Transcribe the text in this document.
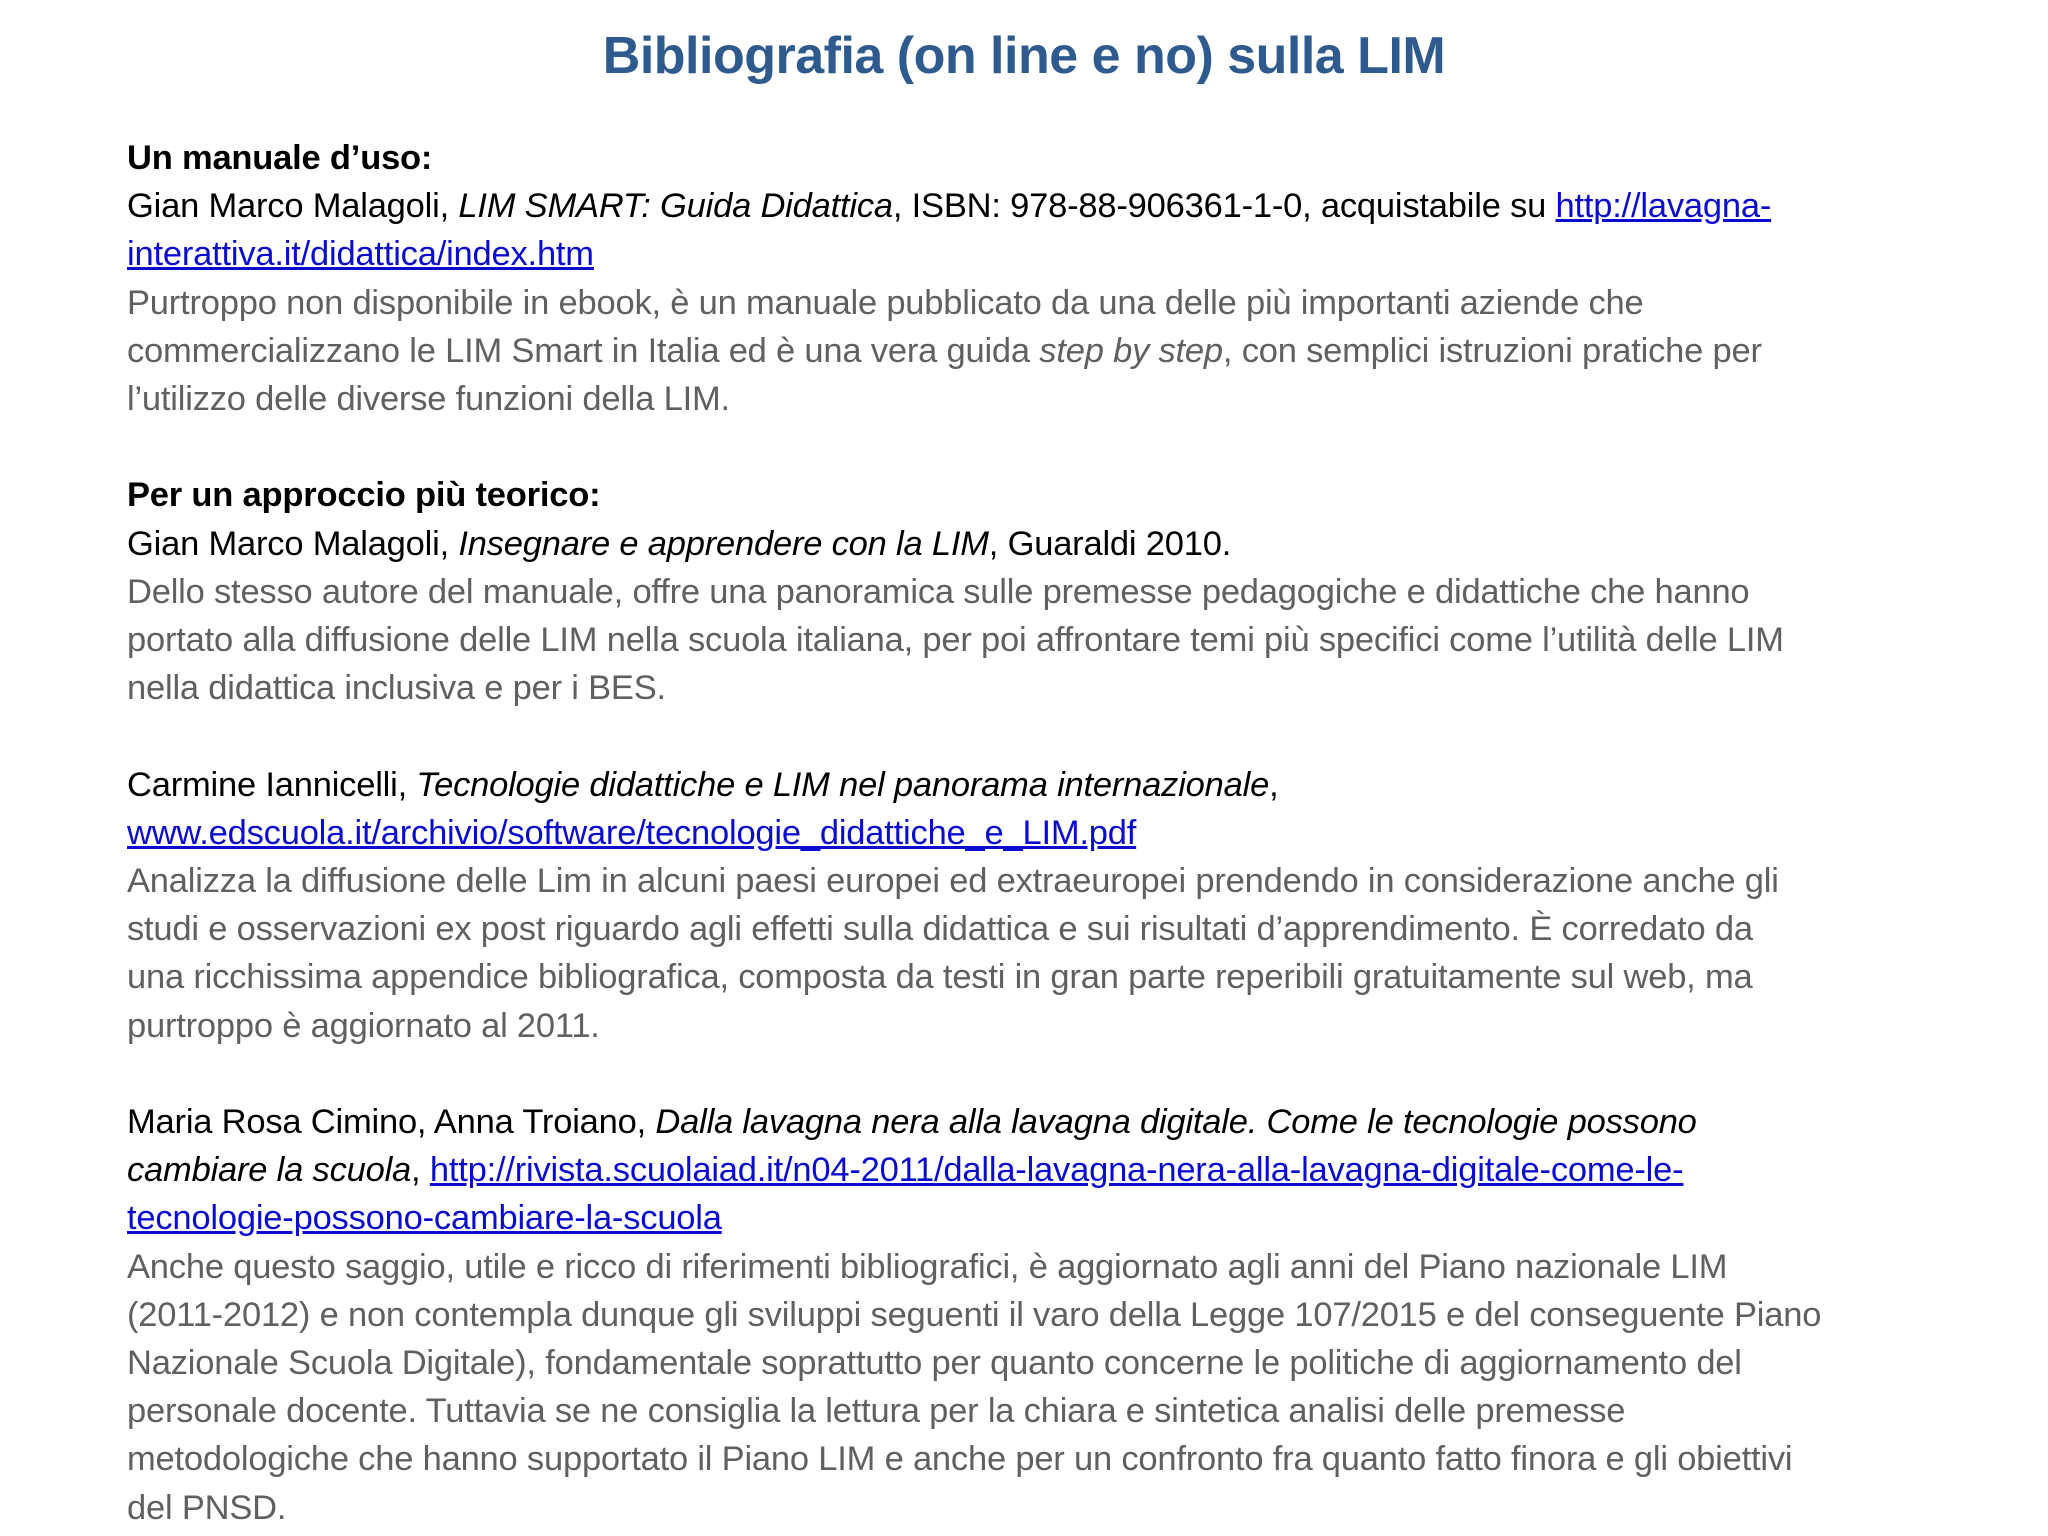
Bibliografia (on line e no) sulla LIM

Un manuale d’uso:

Gian Marco Malagoli, LIM SMART: Guida Didattica, ISBN: 978-88-906361-1-0, acquistabile su http://lavagna-

interattiva.it/didattica/index.htm

Purtroppo non disponibile in ebook, è un manuale pubblicato da una delle più importanti aziende che

commercializzano le LIM Smart in Italia ed è una vera guida step by step, con semplici istruzioni pratiche per

l’utilizzo delle diverse funzioni della LIM.

Per un approccio più teorico:

Gian Marco Malagoli, Insegnare e apprendere con la LIM, Guaraldi 2010.

Dello stesso autore del manuale, offre una panoramica sulle premesse pedagogiche e didattiche che hanno

portato alla diffusione delle LIM nella scuola italiana, per poi affrontare temi più specifici come l’utilità delle LIM

nella didattica inclusiva e per i BES.

Carmine Iannicelli, Tecnologie didattiche e LIM nel panorama internazionale,

www.edscuola.it/archivio/software/tecnologie_didattiche_e_LIM.pdf

Analizza la diffusione delle Lim in alcuni paesi europei ed extraeuropei prendendo in considerazione anche gli

studi e osservazioni ex post riguardo agli effetti sulla didattica e sui risultati d’apprendimento. È corredato da

una ricchissima appendice bibliografica, composta da testi in gran parte reperibili gratuitamente sul web, ma

purtroppo è aggiornato al 2011.

Maria Rosa Cimino, Anna Troiano, Dalla lavagna nera alla lavagna digitale. Come le tecnologie possono

cambiare la scuola, http://rivista.scuolaiad.it/n04-2011/dalla-lavagna-nera-alla-lavagna-digitale-come-le-

tecnologie-possono-cambiare-la-scuola

Anche questo saggio, utile e ricco di riferimenti bibliografici, è aggiornato agli anni del Piano nazionale LIM

(2011-2012) e non contempla dunque gli sviluppi seguenti il varo della Legge 107/2015 e del conseguente Piano

Nazionale Scuola Digitale), fondamentale soprattutto per quanto concerne le politiche di aggiornamento del

personale docente. Tuttavia se ne consiglia la lettura per la chiara e sintetica analisi delle premesse

metodologiche che hanno supportato il Piano LIM e anche per un confronto fra quanto fatto finora e gli obiettivi

del PNSD.
